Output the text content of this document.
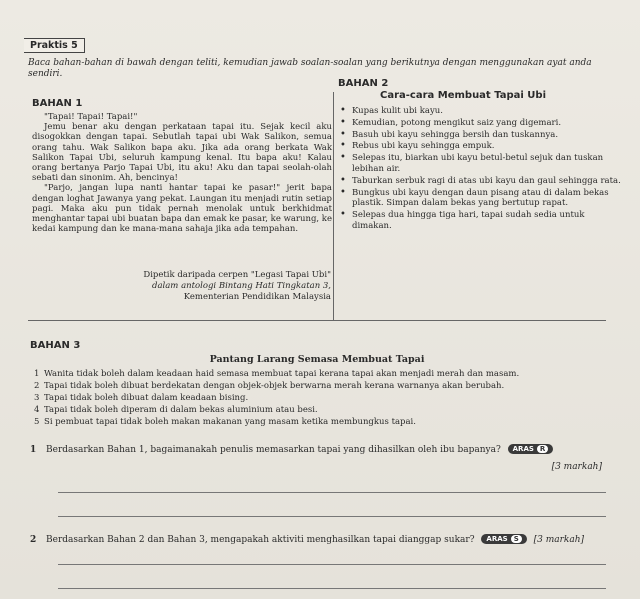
Praktis 5
Baca bahan-bahan di bawah dengan teliti, kemudian jawab soalan-soalan yang berikutnya dengan menggunakan ayat anda sendiri.
BAHAN 1

"Tapai! Tapai! Tapai!"

Jemu benar aku dengan perkataan tapai itu. Sejak kecil aku disogokkan dengan tapai. Sebutlah tapai ubi Wak Salikon, semua orang tahu. Wak Salikon bapa aku. Jika ada orang berkata Wak Salikon Tapai Ubi, seluruh kampung kenal. Itu bapa aku! Kalau orang bertanya Parjo Tapai Ubi, itu aku! Aku dan tapai seolah-olah sebati dan sinonim. Ah, bencinya!

"Parjo, jangan lupa nanti hantar tapai ke pasar!" jerit bapa dengan loghat Jawanya yang pekat. Laungan itu menjadi rutin setiap pagi. Maka aku pun tidak pernah menolak untuk berkhidmat menghantar tapai ubi buatan bapa dan emak ke pasar, ke warung, ke kedai kampung dan ke mana-mana sahaja jika ada tempahan.

Dipetik daripada cerpen "Legasi Tapai Ubi"
dalam antologi Bintang Hati Tingkatan 3,
Kementerian Pendidikan Malaysia
BAHAN 2
Cara-cara Membuat Tapai Ubi
• Kupas kulit ubi kayu.
• Kemudian, potong mengikut saiz yang digemari.
• Basuh ubi kayu sehingga bersih dan tuskannya.
• Rebus ubi kayu sehingga empuk.
• Selepas itu, biarkan ubi kayu betul-betul sejuk dan tuskan lebihan air.
• Taburkan serbuk ragi di atas ubi kayu dan gaul sehingga rata.
• Bungkus ubi kayu dengan daun pisang atau di dalam bekas plastik. Simpan dalam bekas yang bertutup rapat.
• Selepas dua hingga tiga hari, tapai sudah sedia untuk dimakan.
BAHAN 3
Pantang Larang Semasa Membuat Tapai
1 Wanita tidak boleh dalam keadaan haid semasa membuat tapai kerana tapai akan menjadi merah dan masam.
2 Tapai tidak boleh dibuat berdekatan dengan objek-objek berwarna merah kerana warnanya akan berubah.
3 Tapai tidak boleh dibuat dalam keadaan bising.
4 Tapai tidak boleh diperam di dalam bekas aluminium atau besi.
5 Si pembuat tapai tidak boleh makan makanan yang masam ketika membungkus tapai.
1 Berdasarkan Bahan 1, bagaimanakah penulis memasarkan tapai yang dihasilkan oleh ibu bapanya? ARAS R
[3 markah]
2 Berdasarkan Bahan 2 dan Bahan 3, mengapakah aktiviti menghasilkan tapai dianggap sukar? ARAS S [3 markah]
